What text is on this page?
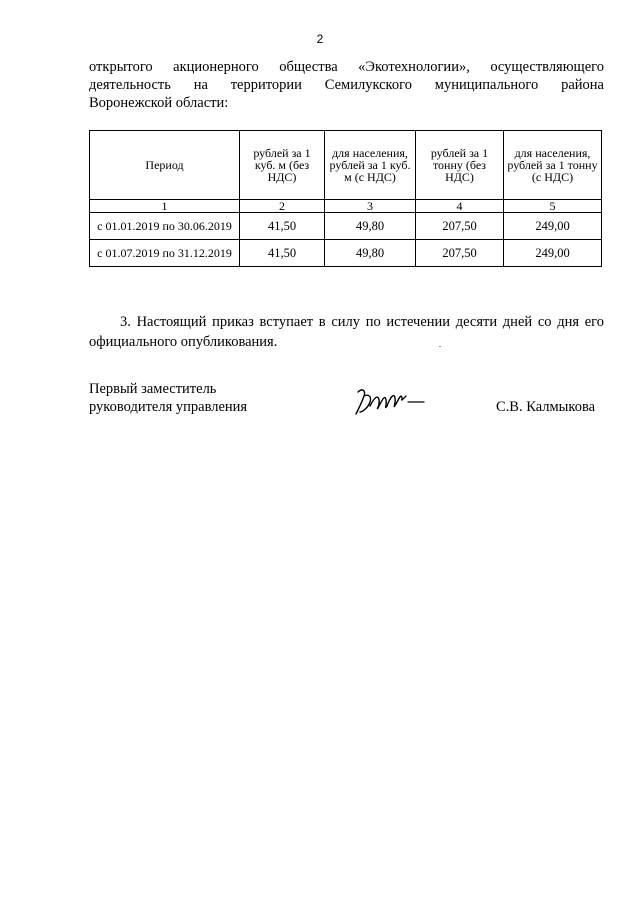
2
открытого акционерного общества «Экотехнологии», осуществляющего
деятельность на территории Семилукского муниципального района
Воронежской области:
Период	рублей за 1 куб. м (без НДС)	для населения, рублей за 1 куб. м (с НДС)	рублей за 1 тонну (без НДС)	для населения, рублей за 1 тонну (с НДС)
1	2	3	4	5
с 01.01.2019 по 30.06.2019	41,50	49,80	207,50	249,00
с 01.07.2019 по 31.12.2019	41,50	49,80	207,50	249,00
3. Настоящий приказ вступает в силу по истечении десяти дней со дня его
официального опубликования.
Первый заместитель
руководителя управления	С.В. Калмыкова
